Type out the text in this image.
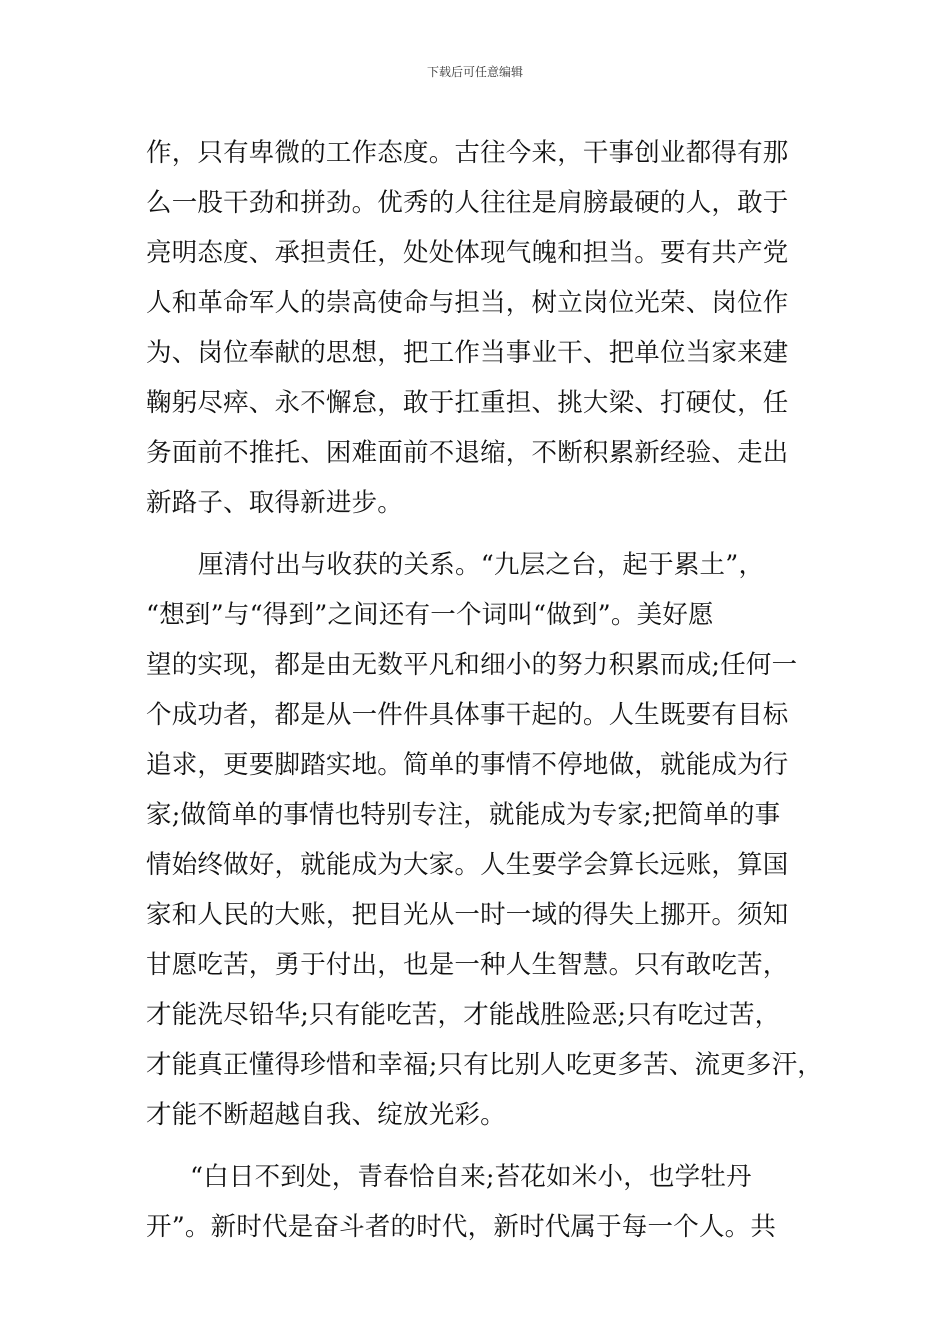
下载后可任意编辑
作，只有卑微的工作态度。古往今来，干事创业都得有那
么一股干劲和拼劲。优秀的人往往是肩膀最硬的人，敢于
亮明态度、承担责任，处处体现气魄和担当。要有共产党
人和革命军人的崇高使命与担当，树立岗位光荣、岗位作
为、岗位奉献的思想，把工作当事业干、把单位当家来建
鞠躬尽瘁、永不懈怠，敢于扛重担、挑大梁、打硬仗，任
务面前不推托、困难面前不退缩，不断积累新经验、走出
新路子、取得新进步。
厘清付出与收获的关系。“九层之台，起于累土”，
“想到”与“得到”之间还有一个词叫“做到”。美好愿
望的实现，都是由无数平凡和细小的努力积累而成;任何一
个成功者，都是从一件件具体事干起的。人生既要有目标
追求，更要脚踏实地。简单的事情不停地做，就能成为行
家;做简单的事情也特别专注，就能成为专家;把简单的事
情始终做好，就能成为大家。人生要学会算长远账，算国
家和人民的大账，把目光从一时一域的得失上挪开。须知
甘愿吃苦，勇于付出，也是一种人生智慧。只有敢吃苦，
才能洗尽铅华;只有能吃苦，才能战胜险恶;只有吃过苦，
才能真正懂得珍惜和幸福;只有比别人吃更多苦、流更多汗，
才能不断超越自我、绽放光彩。
“白日不到处，青春恰自来;苔花如米小，也学牡丹
开”。新时代是奋斗者的时代，新时代属于每一个人。共
